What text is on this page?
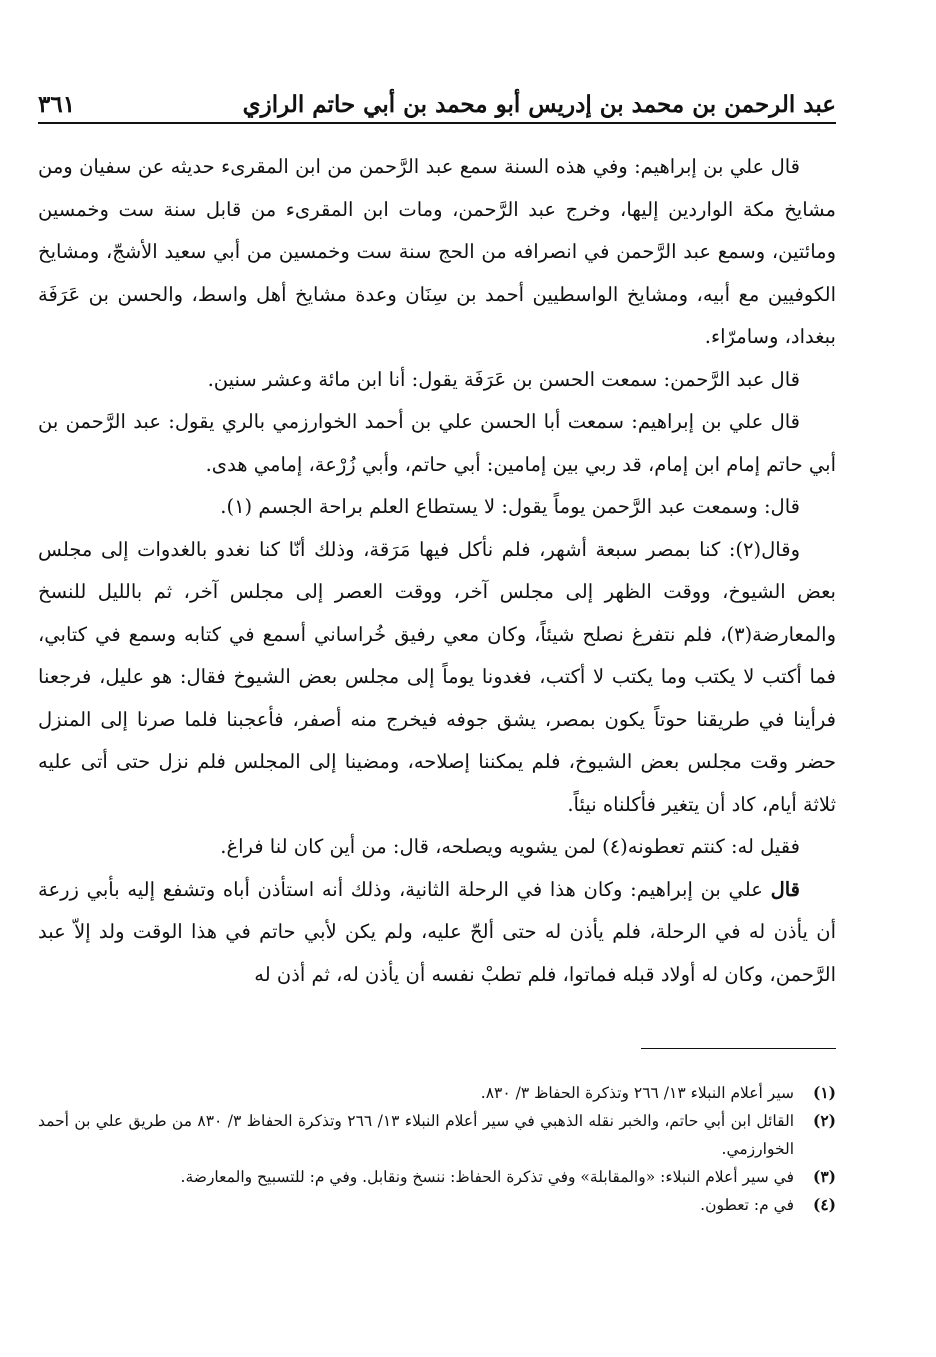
عبد الرحمن بن محمد بن إدريس أبو محمد بن أبي حاتم الرازي
٣٦١

قال علي بن إبراهيم: وفي هذه السنة سمع عبد الرَّحمن من ابن المقرىء حديثه عن سفيان ومن مشايخ مكة الواردين إليها، وخرج عبد الرَّحمن، ومات ابن المقرىء من قابل سنة ست وخمسين ومائتين، وسمع عبد الرَّحمن في انصرافه من الحج سنة ست وخمسين من أبي سعيد الأشجّ، ومشايخ الكوفيين مع أبيه، ومشايخ الواسطيين أحمد بن سِنَان وعدة مشايخ أهل واسط، والحسن بن عَرَفَة ببغداد، وسامرّاء.

قال عبد الرَّحمن: سمعت الحسن بن عَرَفَة يقول: أنا ابن مائة وعشر سنين.

قال علي بن إبراهيم: سمعت أبا الحسن علي بن أحمد الخوارزمي بالري يقول: عبد الرَّحمن بن أبي حاتم إمام ابن إمام، قد ربي بين إمامين: أبي حاتم، وأبي زُرْعة، إمامي هدى.

قال: وسمعت عبد الرَّحمن يوماً يقول: لا يستطاع العلم براحة الجسم (١).

وقال(٢): كنا بمصر سبعة أشهر، فلم نأكل فيها مَرَقة، وذلك أنّا كنا نغدو بالغدوات إلى مجلس بعض الشيوخ، ووقت الظهر إلى مجلس آخر، ووقت العصر إلى مجلس آخر، ثم بالليل للنسخ والمعارضة(٣)، فلم نتفرغ نصلح شيئاً، وكان معي رفيق خُراساني أسمع في كتابه وسمع في كتابي، فما أكتب لا يكتب وما يكتب لا أكتب، فغدونا يوماً إلى مجلس بعض الشيوخ فقال: هو عليل، فرجعنا فرأينا في طريقنا حوتاً يكون بمصر، يشق جوفه فيخرج منه أصفر، فأعجبنا فلما صرنا إلى المنزل حضر وقت مجلس بعض الشيوخ، فلم يمكننا إصلاحه، ومضينا إلى المجلس فلم نزل حتى أتى عليه ثلاثة أيام، كاد أن يتغير فأكلناه نيئاً.

فقيل له: كنتم تعطونه(٤) لمن يشويه ويصلحه، قال: من أين كان لنا فراغ.

قال علي بن إبراهيم: وكان هذا في الرحلة الثانية، وذلك أنه استأذن أباه وتشفع إليه بأبي زرعة أن يأذن له في الرحلة، فلم يأذن له حتى ألحّ عليه، ولم يكن لأبي حاتم في هذا الوقت ولد إلاّ عبد الرَّحمن، وكان له أولاد قبله فماتوا، فلم تطبْ نفسه أن يأذن له، ثم أذن له

(١)
سير أعلام النبلاء ١٣/ ٢٦٦ وتذكرة الحفاظ ٣/ ٨٣٠.
(٢)
القائل ابن أبي حاتم، والخبر نقله الذهبي في سير أعلام النبلاء ١٣/ ٢٦٦ وتذكرة الحفاظ ٣/ ٨٣٠ من طريق علي بن أحمد الخوارزمي.
(٣)
في سير أعلام النبلاء: «والمقابلة» وفي تذكرة الحفاظ: ننسخ ونقابل. وفي م: للتسبيح والمعارضة.
(٤)
في م: تعطون.
